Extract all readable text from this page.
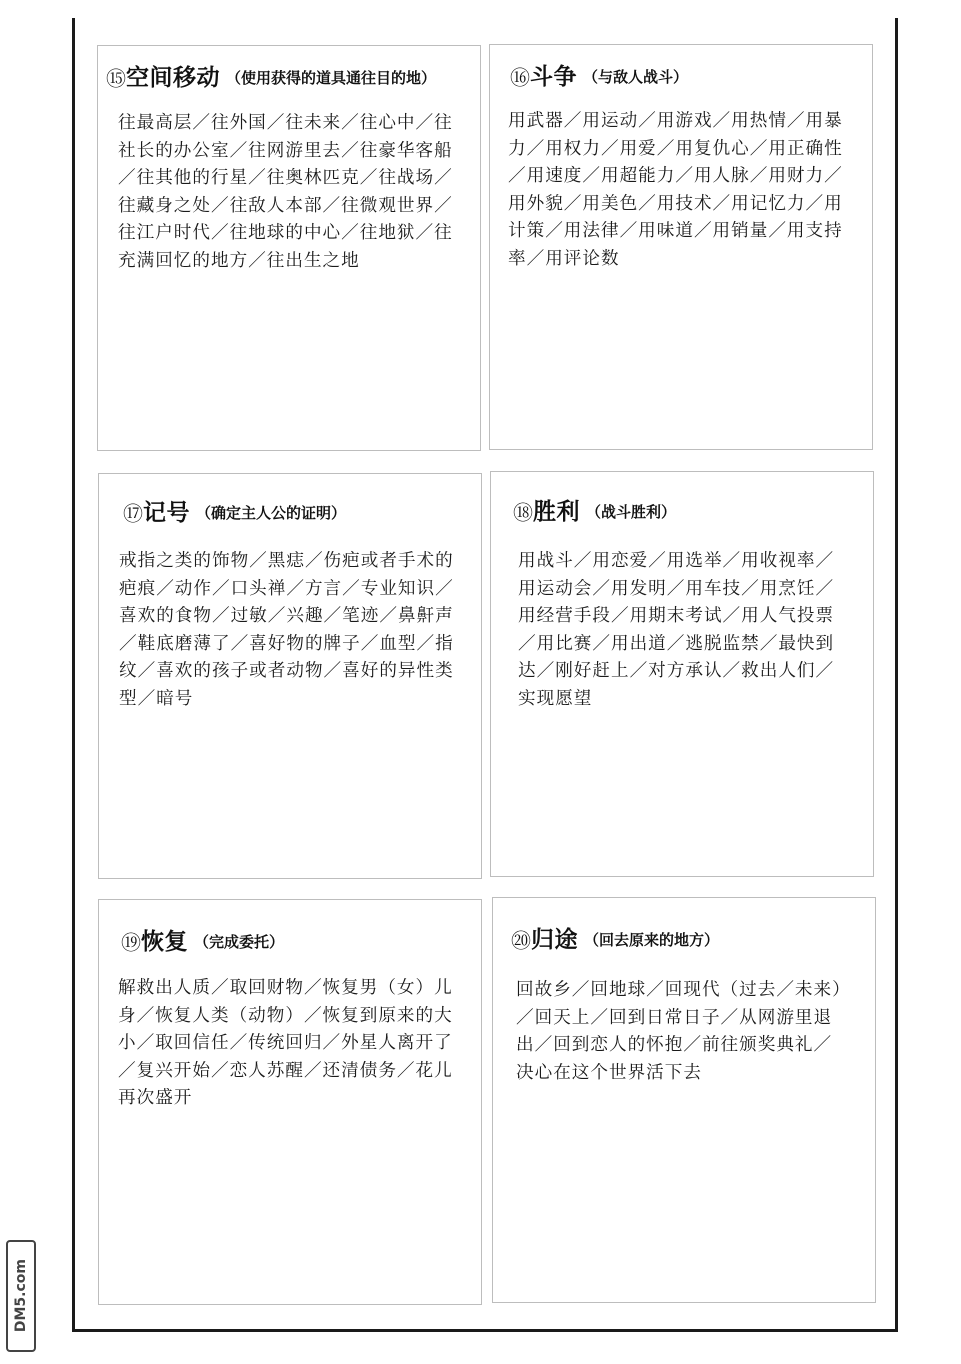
⑮空间移动 （使用获得的道具通往目的地）
往最高层／往外国／往未来／往心中／往社长的办公室／往网游里去／往豪华客船／往其他的行星／往奥林匹克／往战场／往藏身之处／往敌人本部／往微观世界／往江户时代／往地球的中心／往地狱／往充满回忆的地方／往出生之地
⑯斗争 （与敌人战斗）
用武器／用运动／用游戏／用热情／用暴力／用权力／用爱／用复仇心／用正确性／用速度／用超能力／用人脉／用财力／用外貌／用美色／用技术／用记忆力／用计策／用法律／用味道／用销量／用支持率／用评论数
⑰记号 （确定主人公的证明）
戒指之类的饰物／黑痣／伤疤或者手术的疤痕／动作／口头禅／方言／专业知识／喜欢的食物／过敏／兴趣／笔迹／鼻鼾声／鞋底磨薄了／喜好物的牌子／血型／指纹／喜欢的孩子或者动物／喜好的异性类型／暗号
⑱胜利 （战斗胜利）
用战斗／用恋爱／用选举／用收视率／用运动会／用发明／用车技／用烹饪／用经营手段／用期末考试／用人气投票／用比赛／用出道／逃脱监禁／最快到达／刚好赶上／对方承认／救出人们／实现愿望
⑲恢复 （完成委托）
解救出人质／取回财物／恢复男（女）儿身／恢复人类（动物）／恢复到原来的大小／取回信任／传统回归／外星人离开了／复兴开始／恋人苏醒／还清债务／花儿再次盛开
⑳归途 （回去原来的地方）
回故乡／回地球／回现代（过去／未来）／回天上／回到日常日子／从网游里退出／回到恋人的怀抱／前往颁奖典礼／决心在这个世界活下去
DM5.com
